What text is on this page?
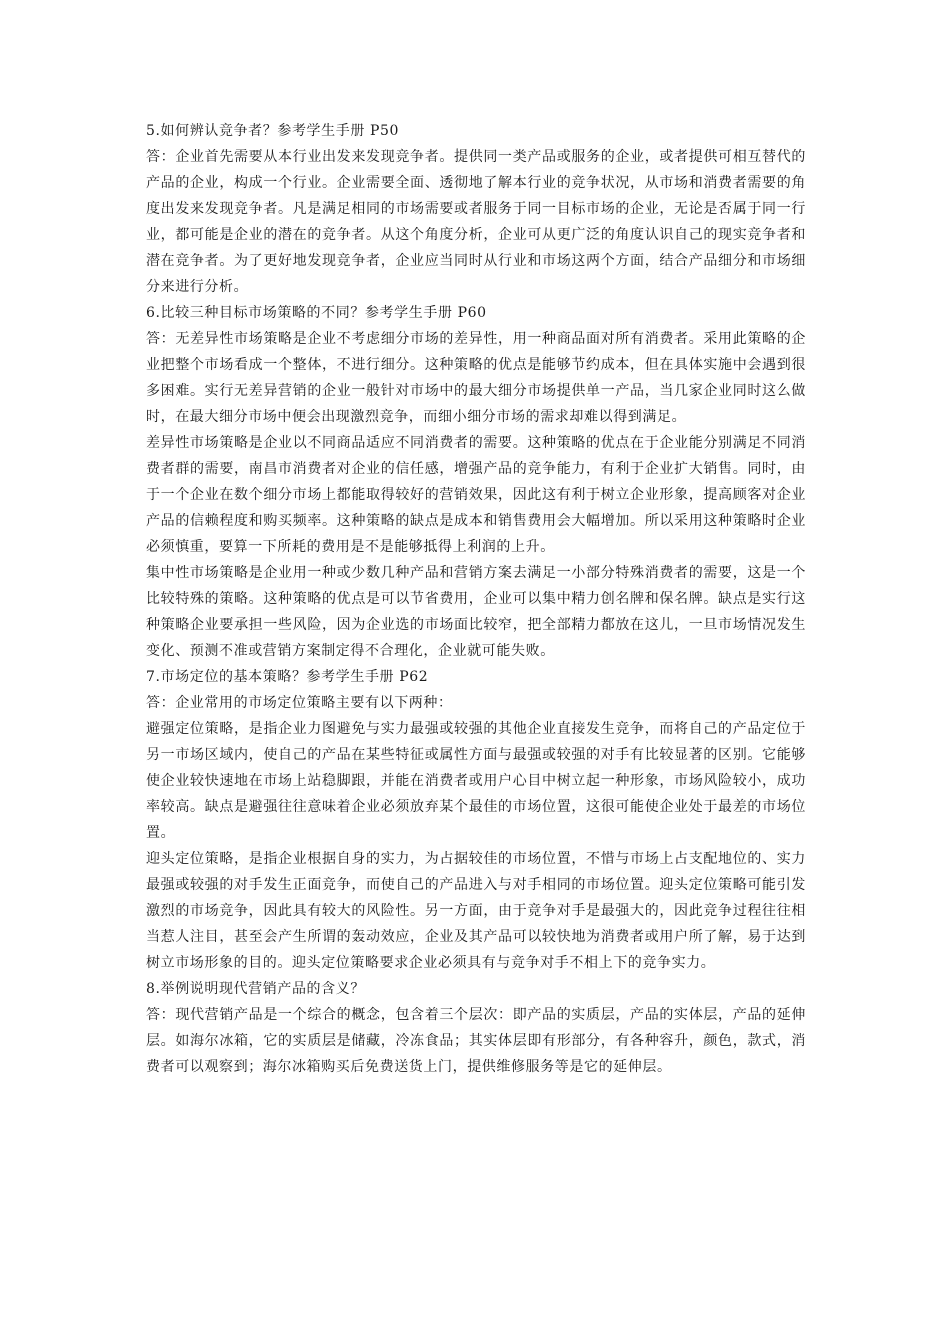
5.如何辨认竞争者？参考学生手册 P50

答：企业首先需要从本行业出发来发现竞争者。提供同一类产品或服务的企业，或者提供可相互替代的产品的企业，构成一个行业。企业需要全面、透彻地了解本行业的竞争状况，从市场和消费者需要的角度出发来发现竞争者。凡是满足相同的市场需要或者服务于同一目标市场的企业，无论是否属于同一行业，都可能是企业的潜在的竞争者。从这个角度分析，企业可从更广泛的角度认识自己的现实竞争者和潜在竞争者。为了更好地发现竞争者，企业应当同时从行业和市场这两个方面，结合产品细分和市场细分来进行分析。

6.比较三种目标市场策略的不同？参考学生手册 P60

答：无差异性市场策略是企业不考虑细分市场的差异性，用一种商品面对所有消费者。采用此策略的企业把整个市场看成一个整体，不进行细分。这种策略的优点是能够节约成本，但在具体实施中会遇到很多困难。实行无差异营销的企业一般针对市场中的最大细分市场提供单一产品，当几家企业同时这么做时，在最大细分市场中便会出现激烈竞争，而细小细分市场的需求却难以得到满足。

差异性市场策略是企业以不同商品适应不同消费者的需要。这种策略的优点在于企业能分别满足不同消费者群的需要，南昌市消费者对企业的信任感，增强产品的竞争能力，有利于企业扩大销售。同时，由于一个企业在数个细分市场上都能取得较好的营销效果，因此这有利于树立企业形象，提高顾客对企业产品的信赖程度和购买频率。这种策略的缺点是成本和销售费用会大幅增加。所以采用这种策略时企业必须慎重，要算一下所耗的费用是不是能够抵得上利润的上升。

集中性市场策略是企业用一种或少数几种产品和营销方案去满足一小部分特殊消费者的需要，这是一个比较特殊的策略。这种策略的优点是可以节省费用，企业可以集中精力创名牌和保名牌。缺点是实行这种策略企业要承担一些风险，因为企业选的市场面比较窄，把全部精力都放在这儿，一旦市场情况发生变化、预测不准或营销方案制定得不合理化，企业就可能失败。

7.市场定位的基本策略？参考学生手册 P62

答：企业常用的市场定位策略主要有以下两种：

避强定位策略，是指企业力图避免与实力最强或较强的其他企业直接发生竞争，而将自己的产品定位于另一市场区域内，使自己的产品在某些特征或属性方面与最强或较强的对手有比较显著的区别。它能够使企业较快速地在市场上站稳脚跟，并能在消费者或用户心目中树立起一种形象，市场风险较小，成功率较高。缺点是避强往往意味着企业必须放弃某个最佳的市场位置，这很可能使企业处于最差的市场位置。

迎头定位策略，是指企业根据自身的实力，为占据较佳的市场位置，不惜与市场上占支配地位的、实力最强或较强的对手发生正面竞争，而使自己的产品进入与对手相同的市场位置。迎头定位策略可能引发激烈的市场竞争，因此具有较大的风险性。另一方面，由于竞争对手是最强大的，因此竞争过程往往相当惹人注目，甚至会产生所谓的轰动效应，企业及其产品可以较快地为消费者或用户所了解，易于达到树立市场形象的目的。迎头定位策略要求企业必须具有与竞争对手不相上下的竞争实力。

8.举例说明现代营销产品的含义？

答：现代营销产品是一个综合的概念，包含着三个层次：即产品的实质层，产品的实体层，产品的延伸层。如海尔冰箱，它的实质层是储藏，冷冻食品；其实体层即有形部分，有各种容升，颜色，款式，消费者可以观察到；海尔冰箱购买后免费送货上门，提供维修服务等是它的延伸层。
